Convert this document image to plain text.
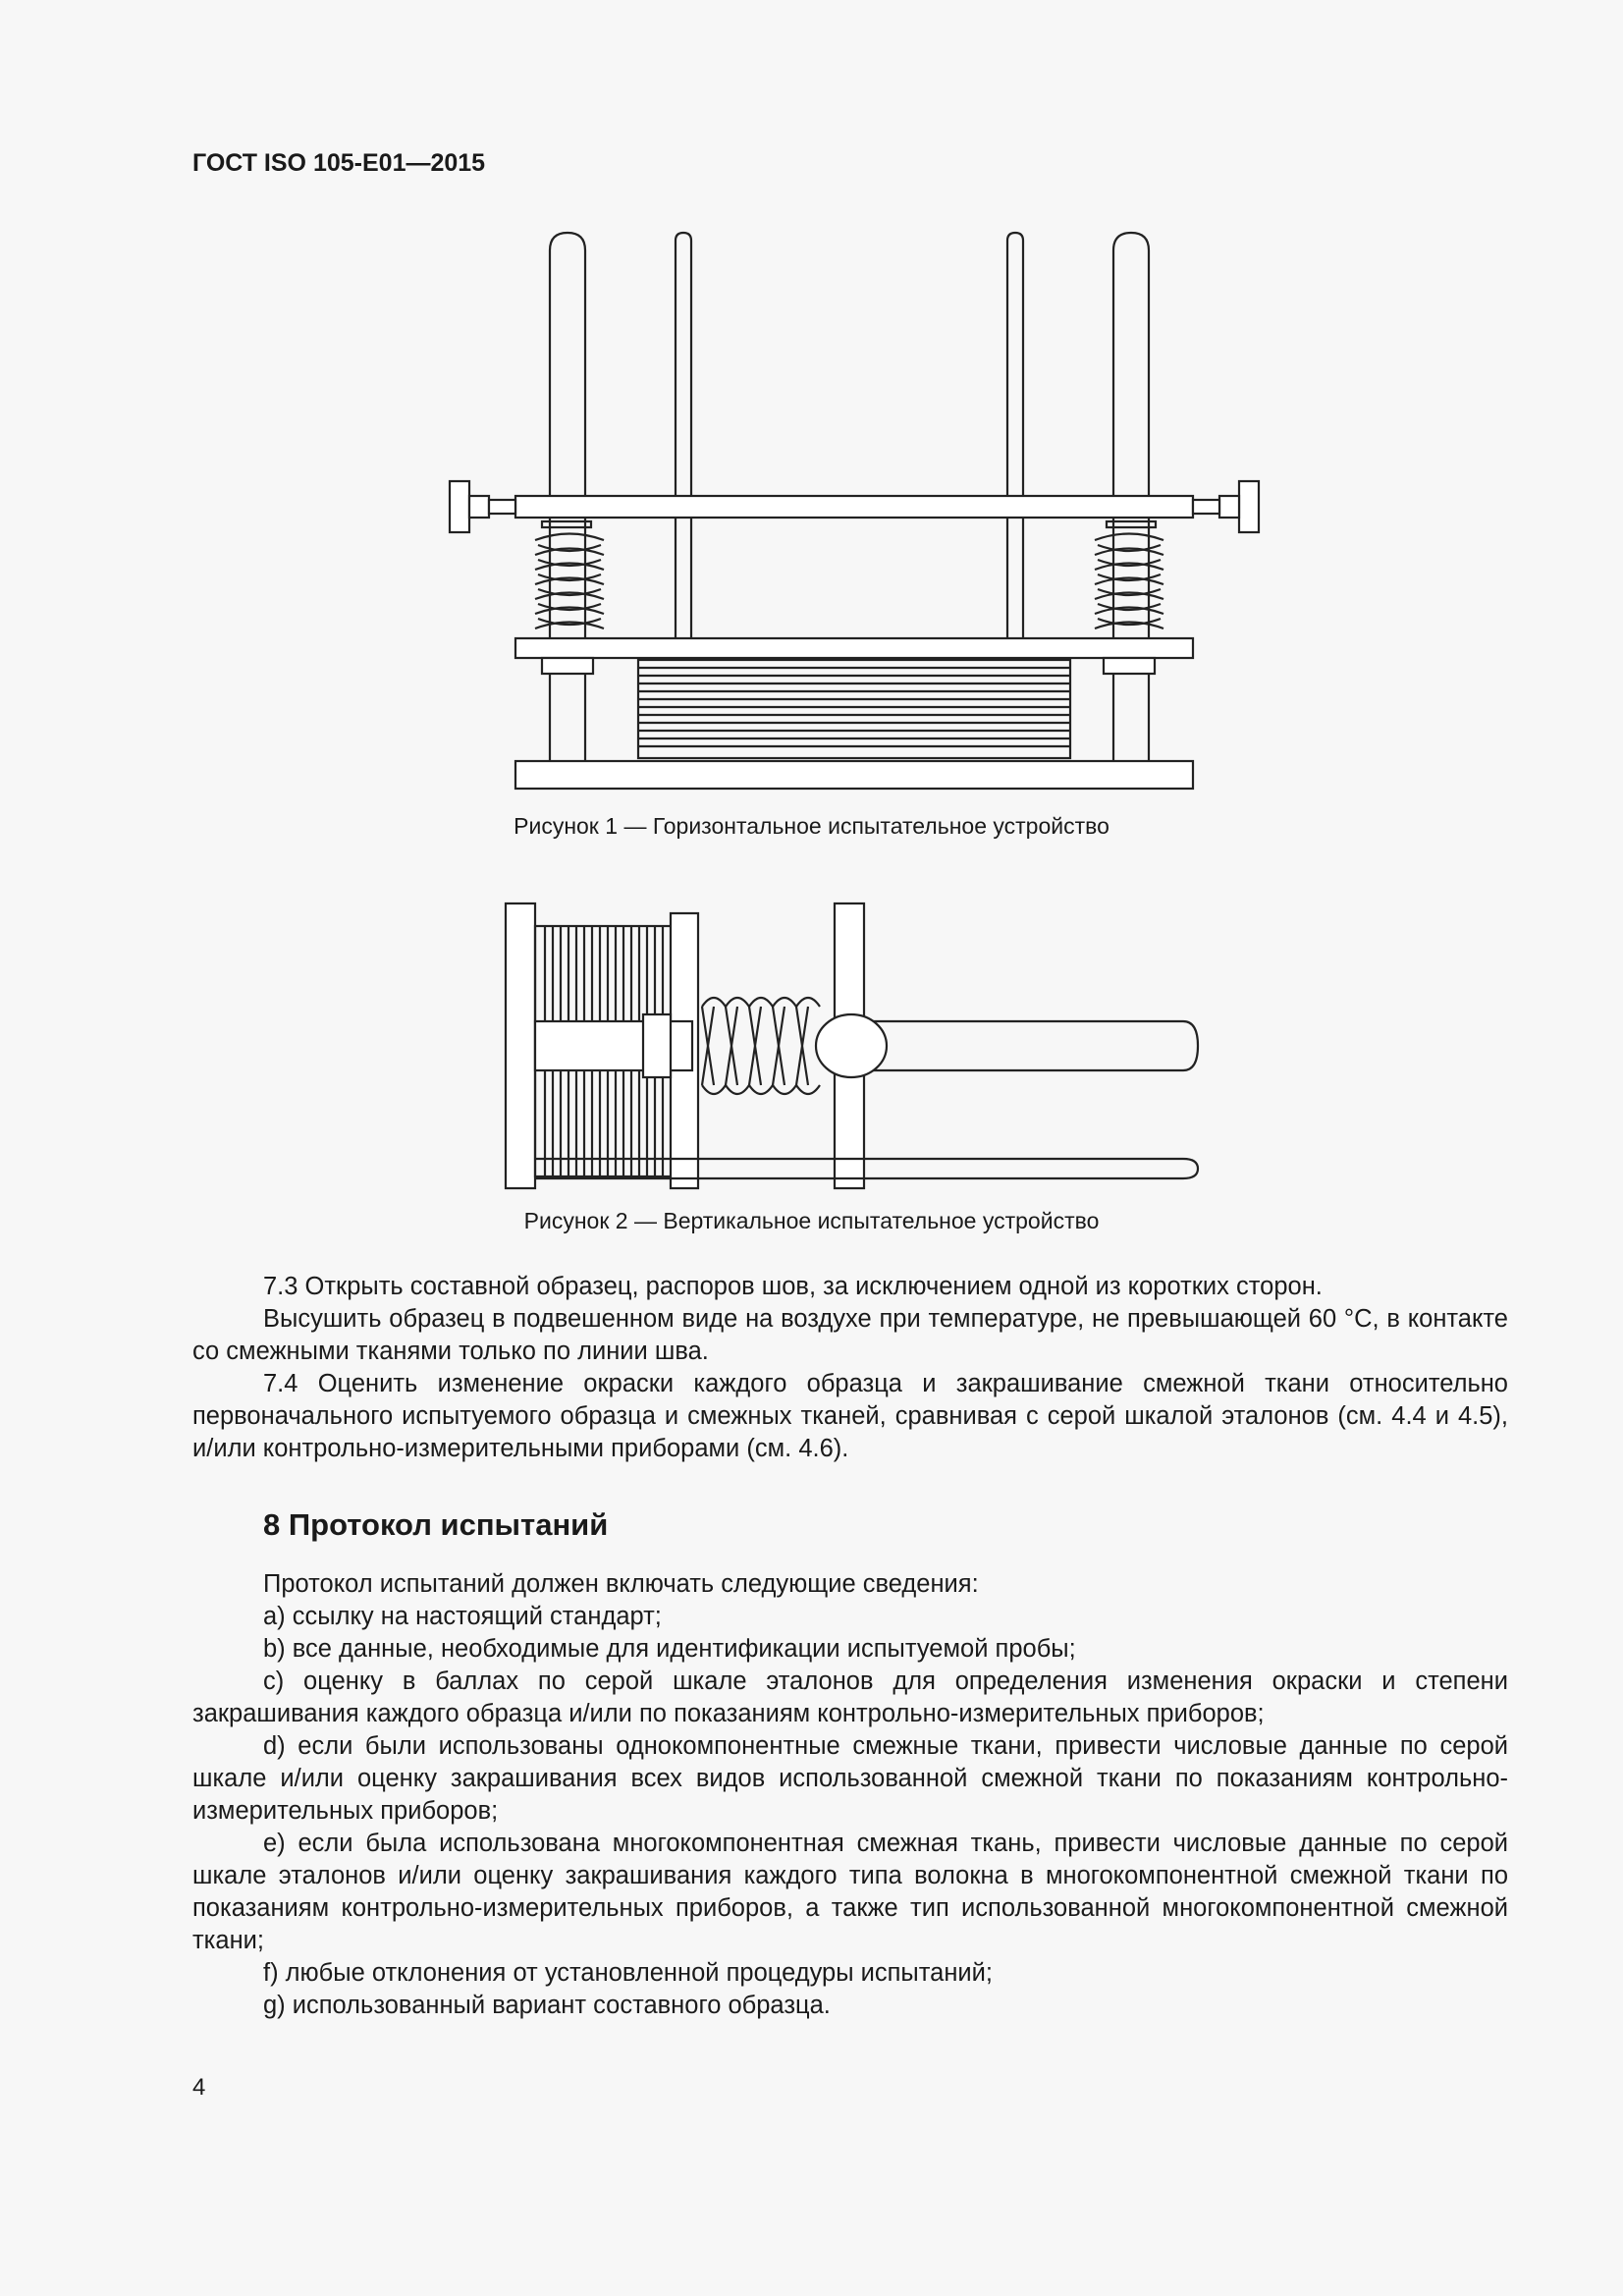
ГОСТ ISO 105-E01—2015
Рисунок 1 — Горизонтальное испытательное устройство
Рисунок 2 — Вертикальное испытательное устройство

7.3 Открыть составной образец, распоров шов, за исключением одной из коротких сторон.

Высушить образец в подвешенном виде на воздухе при температуре, не превышающей 60 °С, в контакте со смежными тканями только по линии шва.

7.4 Оценить изменение окраски каждого образца и закрашивание смежной ткани относительно первоначального испытуемого образца и смежных тканей, сравнивая с серой шкалой эталонов (см. 4.4 и 4.5), и/или контрольно-измерительными приборами (см. 4.6).

8 Протокол испытаний

Протокол испытаний должен включать следующие сведения:

a) ссылку на настоящий стандарт;

b) все данные, необходимые для идентификации испытуемой пробы;

c) оценку в баллах по серой шкале эталонов для определения изменения окраски и степени закрашивания каждого образца и/или по показаниям контрольно-измерительных приборов;

d) если были использованы однокомпонентные смежные ткани, привести числовые данные по серой шкале и/или оценку закрашивания всех видов использованной смежной ткани по показаниям контрольно-измерительных приборов;

e) если была использована многокомпонентная смежная ткань, привести числовые данные по серой шкале эталонов и/или оценку закрашивания каждого типа волокна в многокомпонентной смежной ткани по показаниям контрольно-измерительных приборов, а также тип использованной многокомпонентной смежной ткани;

f) любые отклонения от установленной процедуры испытаний;

g) использованный вариант составного образца.

4
